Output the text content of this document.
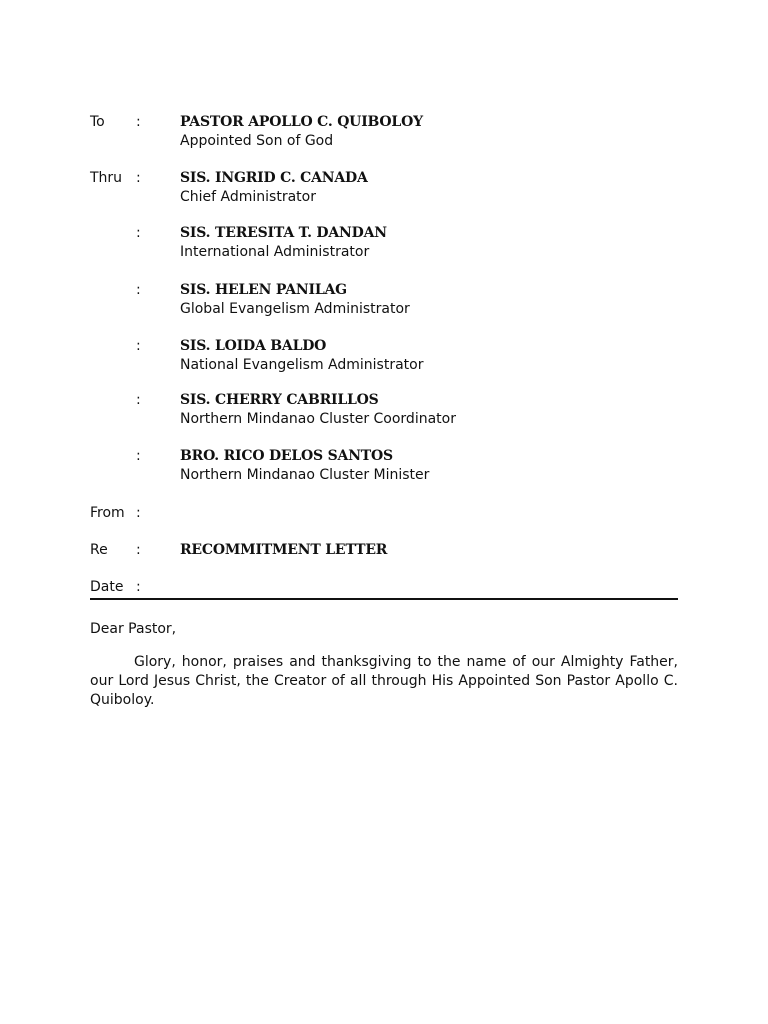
To	:	PASTOR APOLLO C. QUIBOLOY
Appointed Son of God
Thru :	SIS. INGRID C. CANADA
Chief Administrator
:	SIS. TERESITA T. DANDAN
International Administrator
:	SIS. HELEN PANILAG
Global Evangelism Administrator
:	SIS. LOIDA BALDO
National Evangelism Administrator
:	SIS. CHERRY CABRILLOS
Northern Mindanao Cluster Coordinator
:	BRO. RICO DELOS SANTOS
Northern Mindanao Cluster Minister
From :
Re	:	RECOMMITMENT LETTER
Date :
Dear Pastor,

Glory, honor, praises and thanksgiving to the name of our Almighty Father, our Lord Jesus Christ, the Creator of all through His Appointed Son Pastor Apollo C. Quiboloy.
